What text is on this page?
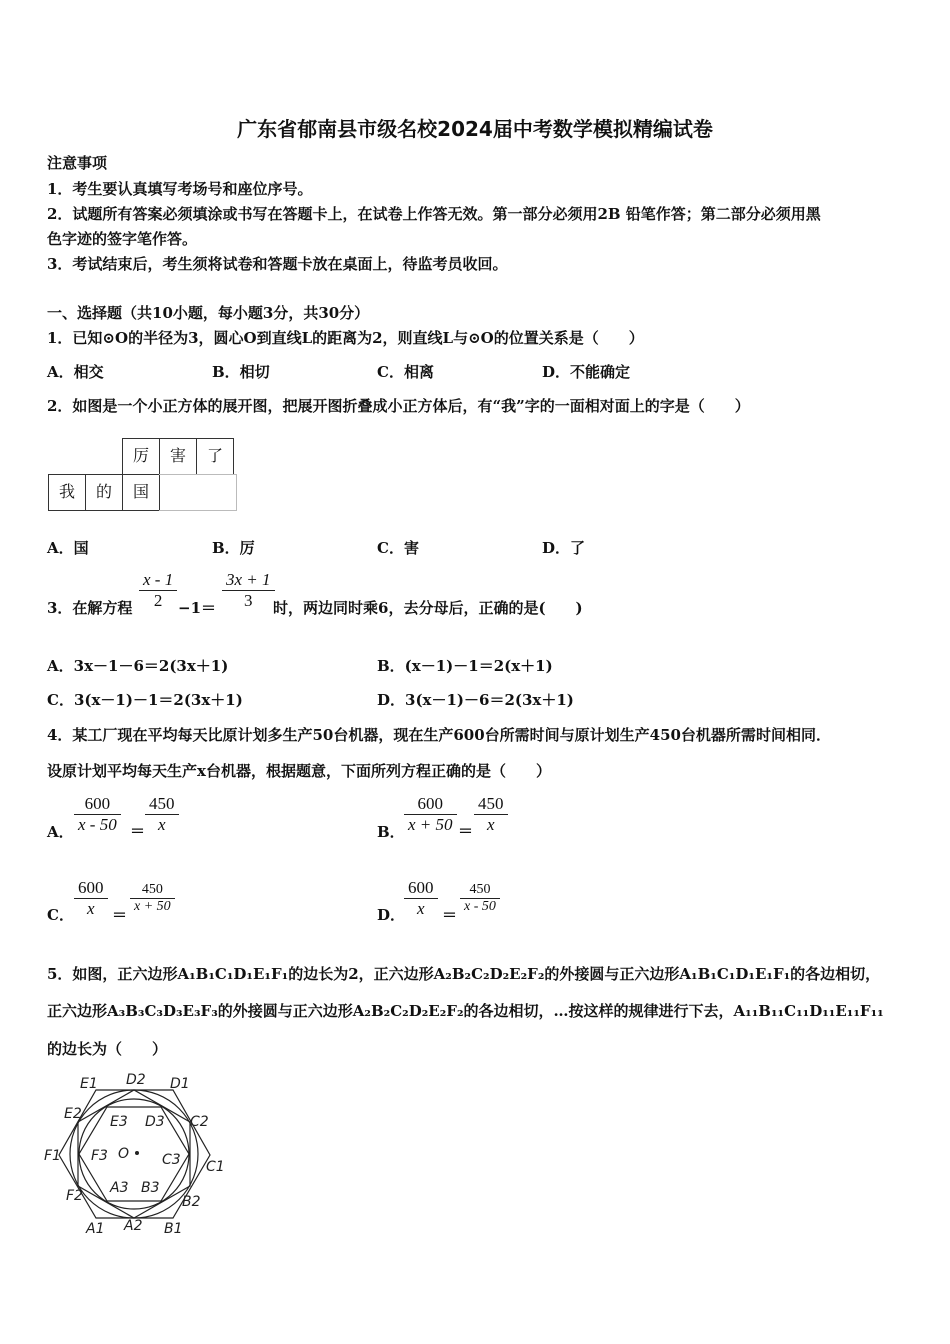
广东省郁南县市级名校2024届中考数学模拟精编试卷
注意事项
1．考生要认真填写考场号和座位序号。
2．试题所有答案必须填涂或书写在答题卡上，在试卷上作答无效。第一部分必须用2B 铅笔作答；第二部分必须用黑
色字迹的签字笔作答。
3．考试结束后，考生须将试卷和答题卡放在桌面上，待监考员收回。
一、选择题（共10小题，每小题3分，共30分）
1．已知⊙O的半径为3，圆心O到直线L的距离为2，则直线L与⊙O的位置关系是（　　）
A．相交	B．相切	C．相离	D．不能确定
2．如图是一个小正方体的展开图，把展开图折叠成小正方体后，有“我”字的一面相对面上的字是（　　）
厉	害	了
我	的	国
A．国	B．厉	C．害	D．了
3．在解方程 $\frac{x - 1}{2} -1= \frac{3x + 1}{3}$
时，两边同时乘6，去分母后，正确的是(　　)
A．3x－1－6＝2(3x＋1)	B．(x－1)－1＝2(x＋1)
C．3(x－1)－1＝2(3x＋1)	D．3(x－1)－6＝2(3x＋1)
4．某工厂现在平均每天比原计划多生产50台机器，现在生产600台所需时间与原计划生产450台机器所需时间相同．
设原计划平均每天生产x台机器，根据题意，下面所列方程正确的是（　　）
A． $\frac{600}{x - 50} = \frac{450}{x}$	B． $\frac{600}{x + 50} = \frac{450}{x}$
C． $\frac{600}{x} = \frac{450}{x + 50}$	D．
$\frac{600}{x} = \frac{450}{x - 50}$
5．如图，正六边形A₁B₁C₁D₁E₁F₁的边长为2，正六边形A₂B₂C₂D₂E₂F₂的外接圆与正六边形A₁B₁C₁D₁E₁F₁的各边相切，
正六边形A₃B₃C₃D₃E₃F₃的外接圆与正六边形A₂B₂C₂D₂E₂F₂的各边相切，…按这样的规律进行下去，A₁₁B₁₁C₁₁D₁₁E₁₁F₁₁
的边长为（　　）
E1 D2 D1
E2 E3 D3 C2
F1 F3 O C3 C1
F2 A3 B3
B2
A1 A2 B1
